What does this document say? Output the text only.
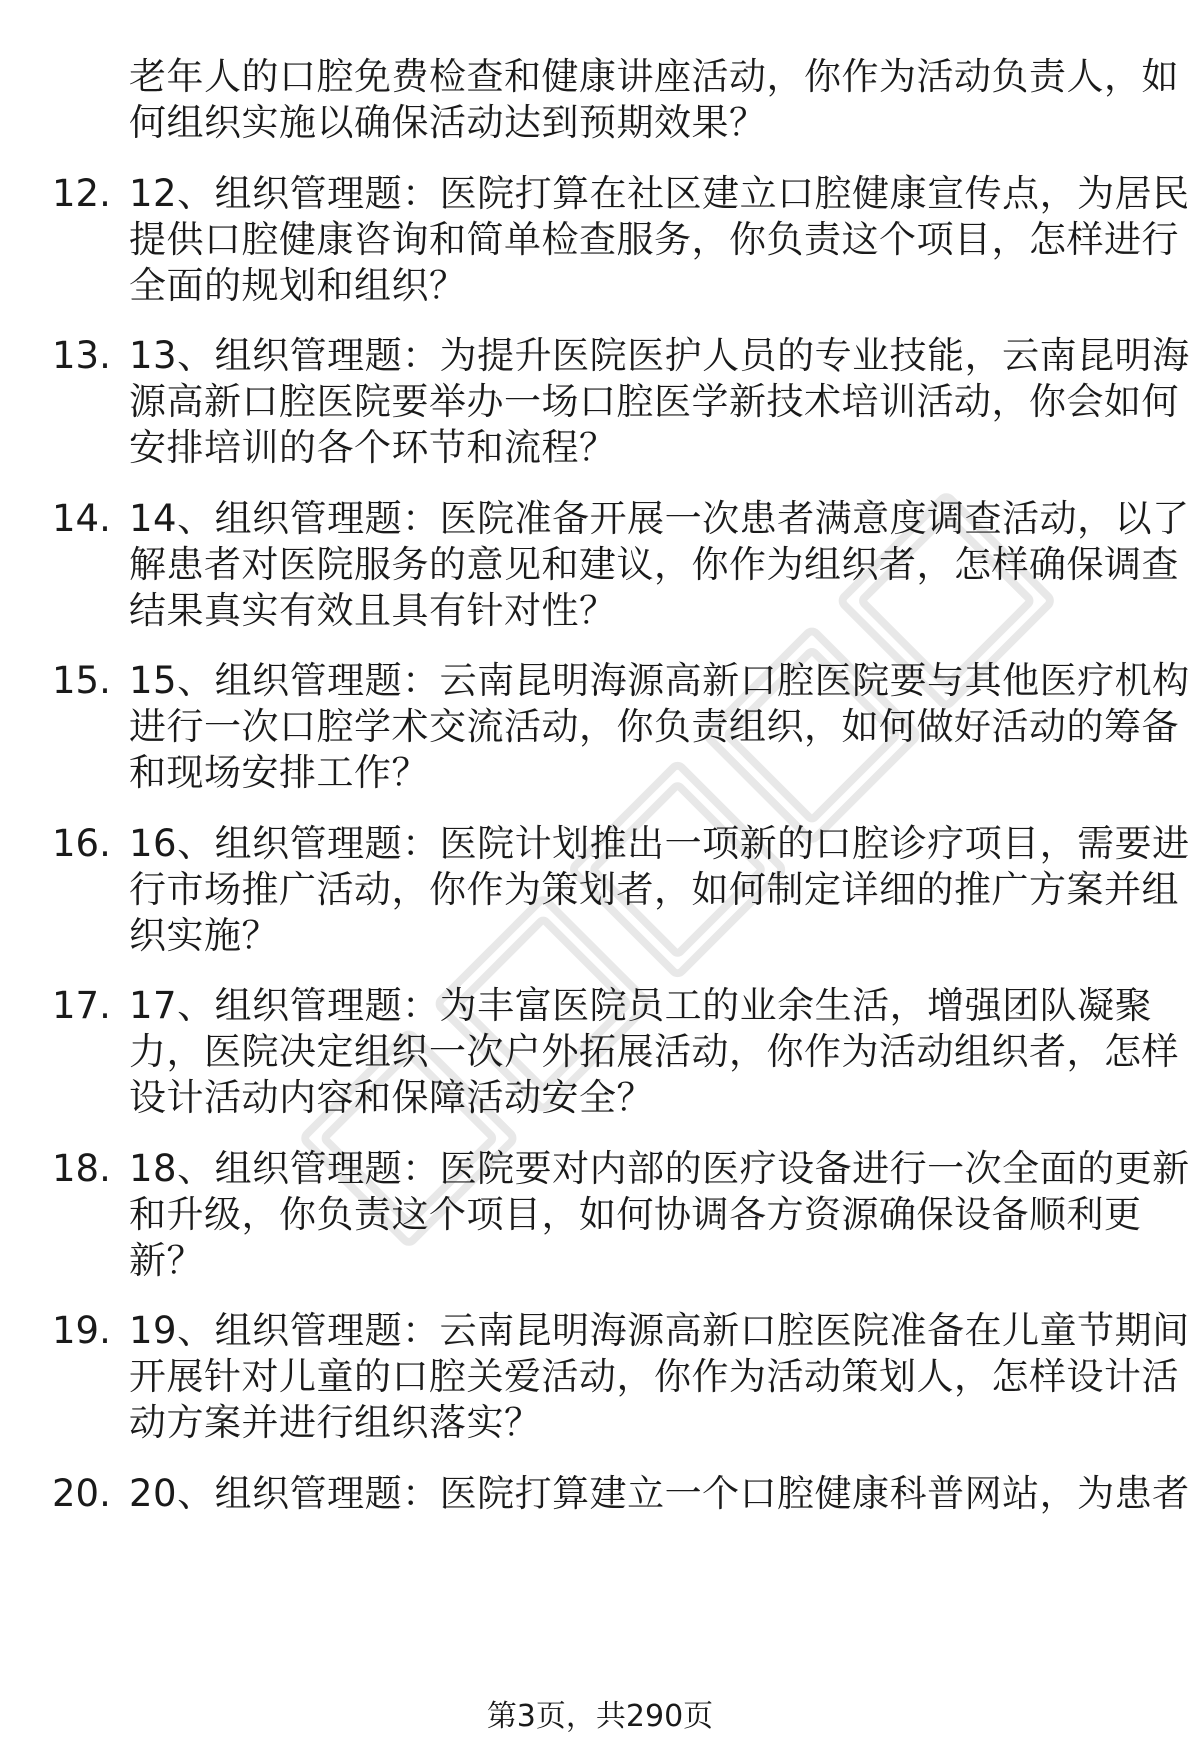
老年人的口腔免费检查和健康讲座活动，你作为活动负责人，如
何组织实施以确保活动达到预期效果？
12. 12、组织管理题：医院打算在社区建立口腔健康宣传点，为居民
提供口腔健康咨询和简单检查服务，你负责这个项目，怎样进行
全面的规划和组织？
13. 13、组织管理题：为提升医院医护人员的专业技能，云南昆明海
源高新口腔医院要举办一场口腔医学新技术培训活动，你会如何
安排培训的各个环节和流程？
14. 14、组织管理题：医院准备开展一次患者满意度调查活动，以了
解患者对医院服务的意见和建议，你作为组织者，怎样确保调查
结果真实有效且具有针对性？
15. 15、组织管理题：云南昆明海源高新口腔医院要与其他医疗机构
进行一次口腔学术交流活动，你负责组织，如何做好活动的筹备
和现场安排工作？
16. 16、组织管理题：医院计划推出一项新的口腔诊疗项目，需要进
行市场推广活动，你作为策划者，如何制定详细的推广方案并组
织实施？
17. 17、组织管理题：为丰富医院员工的业余生活，增强团队凝聚
力，医院决定组织一次户外拓展活动，你作为活动组织者，怎样
设计活动内容和保障活动安全？
18. 18、组织管理题：医院要对内部的医疗设备进行一次全面的更新
和升级，你负责这个项目，如何协调各方资源确保设备顺利更
新？
19. 19、组织管理题：云南昆明海源高新口腔医院准备在儿童节期间
开展针对儿童的口腔关爱活动，你作为活动策划人，怎样设计活
动方案并进行组织落实？
20. 20、组织管理题：医院打算建立一个口腔健康科普网站，为患者
第3页，共290页
